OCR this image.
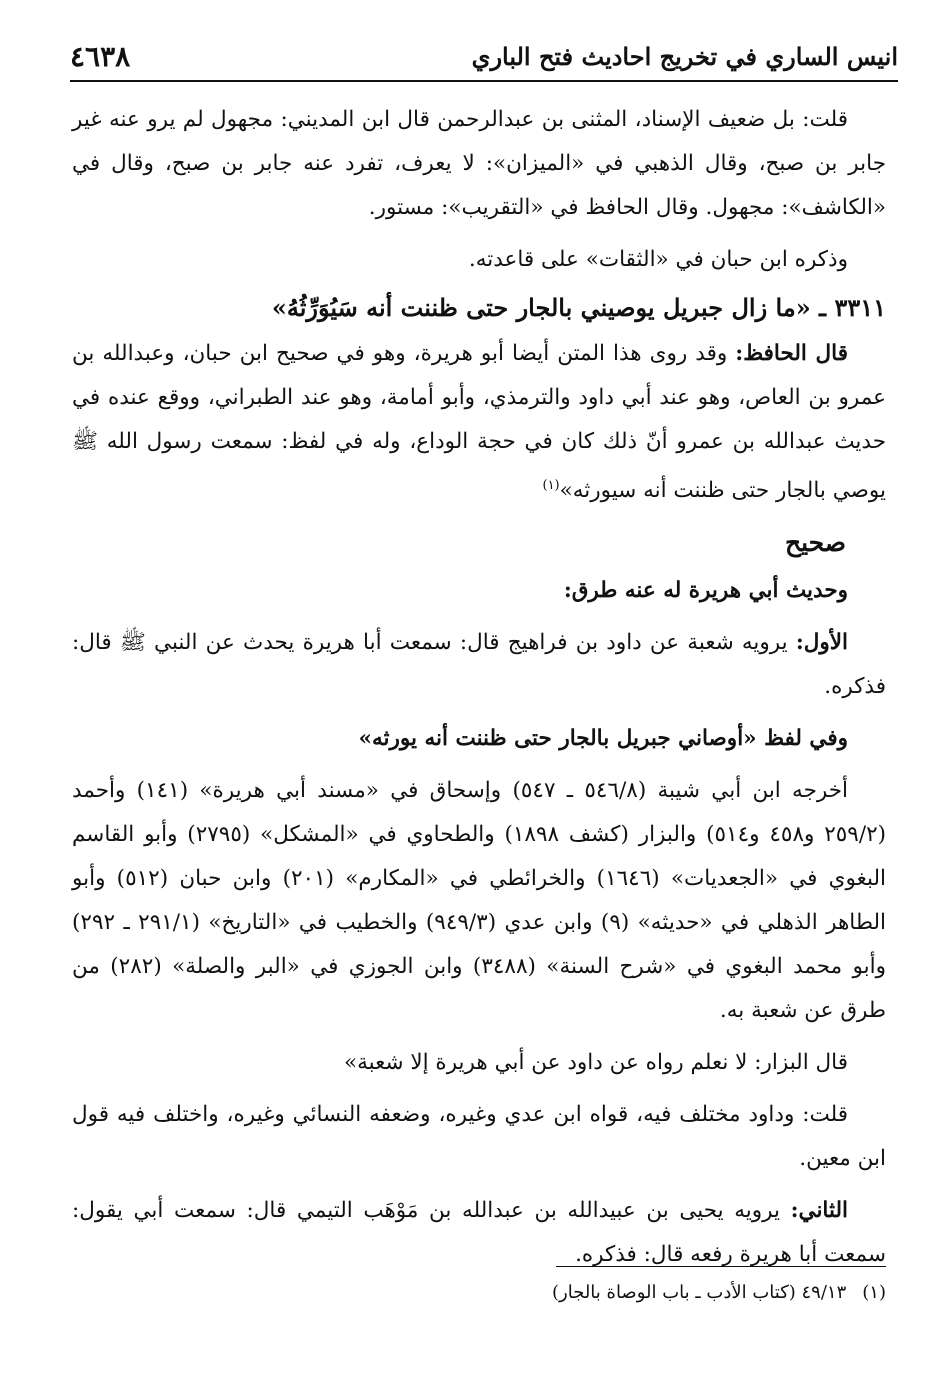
انيس الساري في تخريج احاديث فتح الباري
٤٦٣٨

قلت: بل ضعيف الإسناد، المثنى بن عبدالرحمن قال ابن المديني: مجهول لم يرو عنه غير جابر بن صبح، وقال الذهبي في «الميزان»: لا يعرف، تفرد عنه جابر بن صبح، وقال في «الكاشف»: مجهول. وقال الحافظ في «التقريب»: مستور.

وذكره ابن حبان في «الثقات» على قاعدته.

٣٣١١ ـ «ما زال جبريل يوصيني بالجار حتى ظننت أنه سَيُوَرِّثُهُ»

قال الحافظ: وقد روى هذا المتن أيضا أبو هريرة، وهو في صحيح ابن حبان، وعبدالله بن عمرو بن العاص، وهو عند أبي داود والترمذي، وأبو أمامة، وهو عند الطبراني، ووقع عنده في حديث عبدالله بن عمرو أنّ ذلك كان في حجة الوداع، وله في لفظ: سمعت رسول الله ﷺ يوصي بالجار حتى ظننت أنه سيورثه»$^{(١)}$

صحيح

وحديث أبي هريرة له عنه طرق:

الأول: يرويه شعبة عن داود بن فراهيج قال: سمعت أبا هريرة يحدث عن النبي ﷺ قال: فذكره.

وفي لفظ «أوصاني جبريل بالجار حتى ظننت أنه يورثه»

أخرجه ابن أبي شيبة (٥٤٦/٨ ـ ٥٤٧) وإسحاق في «مسند أبي هريرة» (١٤١) وأحمد (٢٥٩/٢ و٤٥٨ و٥١٤) والبزار (كشف ١٨٩٨) والطحاوي في «المشكل» (٢٧٩٥) وأبو القاسم البغوي في «الجعديات» (١٦٤٦) والخرائطي في «المكارم» (٢٠١) وابن حبان (٥١٢) وأبو الطاهر الذهلي في «حديثه» (٩) وابن عدي (٩٤٩/٣) والخطيب في «التاريخ» (٢٩١/١ ـ ٢٩٢) وأبو محمد البغوي في «شرح السنة» (٣٤٨٨) وابن الجوزي في «البر والصلة» (٢٨٢) من طرق عن شعبة به.

قال البزار: لا نعلم رواه عن داود عن أبي هريرة إلا شعبة»

قلت: وداود مختلف فيه، قواه ابن عدي وغيره، وضعفه النسائي وغيره، واختلف فيه قول ابن معين.

الثاني: يرويه يحيى بن عبيدالله بن عبدالله بن مَوْهَب التيمي قال: سمعت أبي يقول: سمعت أبا هريرة رفعه قال: فذكره.

(١)٤٩/١٣ (كتاب الأدب ـ باب الوصاة بالجار)
